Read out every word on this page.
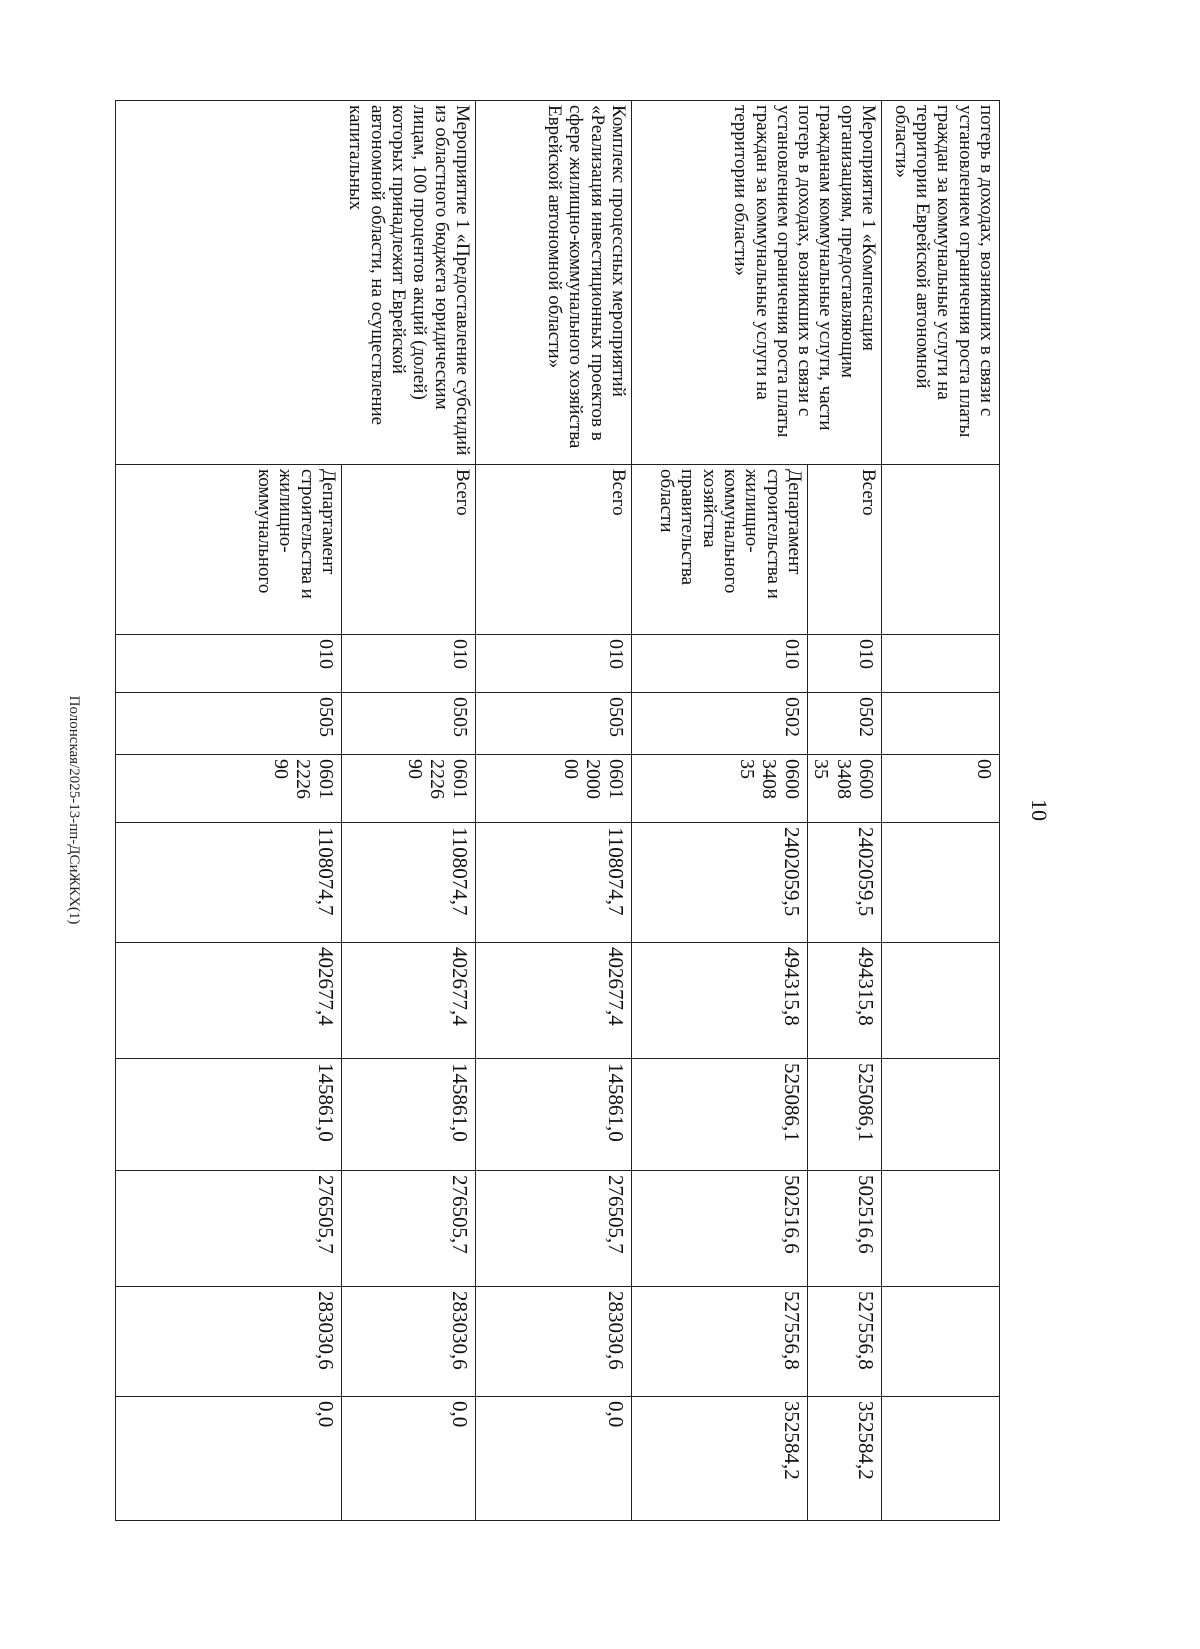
10
потерь в доходах, возникших в связи с установлением ограничения роста платы граждан за коммунальные услуги на территории Еврейской автономной области»				00						
Мероприятие 1 «Компенсация организациям, предоставляющим гражданам коммунальные услуги, части потерь в доходах, возникших в связи с установлением ограничения роста платы граждан за коммунальные услуги на территории области»	Всего	010	0502	0600 3408 35	2402059,5	494315,8	525086,1	502516,6	527556,8	352584,2
	Департамент строительства и жилищно-коммунального хозяйства правительства области	010	0502	0600 3408 35	2402059,5	494315,8	525086,1	502516,6	527556,8	352584,2
Комплекс процессных мероприятий «Реализация инвестиционных проектов в сфере жилищно-коммунального хозяйства Еврейской автономной области»	Всего	010	0505	0601 2000 00	1108074,7	402677,4	145861,0	276505,7	283030,6	0,0
Мероприятие 1 «Предоставление субсидий из областного бюджета юридическим лицам, 100 процентов акций (долей) которых принадлежит Еврейской автономной области, на осуществление капитальных	Всего	010	0505	0601 2226 90	1108074,7	402677,4	145861,0	276505,7	283030,6	0,0
	Департамент строительства и жилищно-коммунального	010	0505	0601 2226 90	1108074,7	402677,4	145861,0	276505,7	283030,6	0,0
Полонская/2025-13-пп-ДСиЖКХ(1)
